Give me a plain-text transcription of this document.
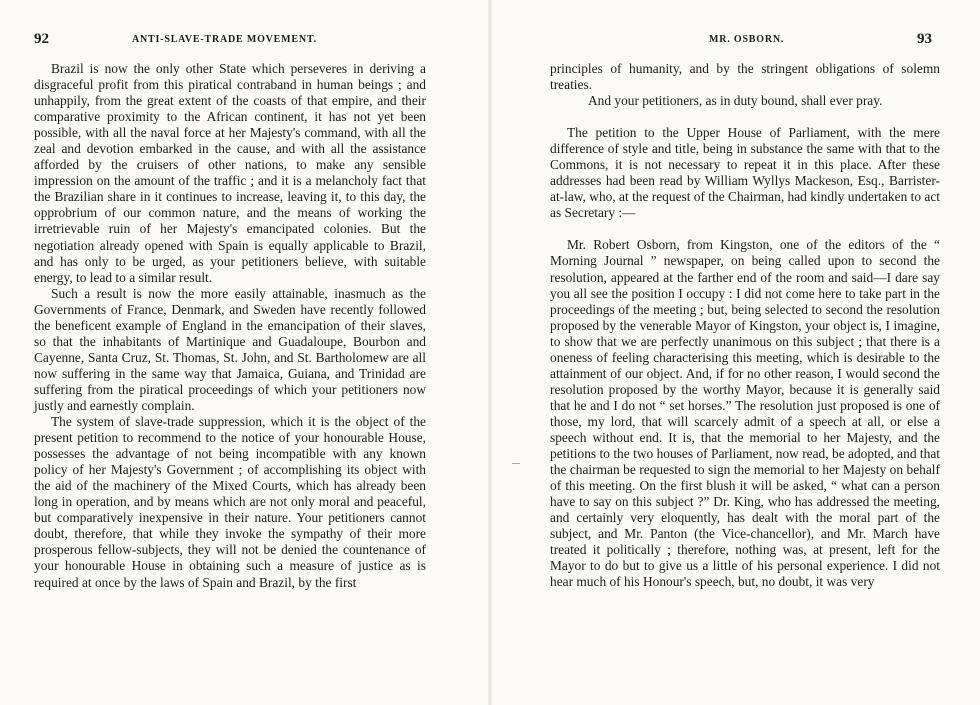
92	ANTI-SLAVE-TRADE MOVEMENT.

Brazil is now the only other State which perseveres in deriving a disgraceful profit from this piratical contraband in human beings ; and unhappily, from the great extent of the coasts of that empire, and their comparative proximity to the African continent, it has not yet been possible, with all the naval force at her Majesty's command, with all the zeal and devotion embarked in the cause, and with all the assistance afforded by the cruisers of other nations, to make any sensible impression on the amount of the traffic ; and it is a melancholy fact that the Brazilian share in it continues to increase, leaving it, to this day, the opprobrium of our common nature, and the means of working the irretrievable ruin of her Majesty's emancipated colonies. But the negotiation already opened with Spain is equally applicable to Brazil, and has only to be urged, as your petitioners believe, with suitable energy, to lead to a similar result.

Such a result is now the more easily attainable, inasmuch as the Governments of France, Denmark, and Sweden have recently followed the beneficent example of England in the emancipation of their slaves, so that the inhabitants of Martinique and Guadaloupe, Bourbon and Cayenne, Santa Cruz, St. Thomas, St. John, and St. Bartholomew are all now suffering in the same way that Jamaica, Guiana, and Trinidad are suffering from the piratical proceedings of which your petitioners now justly and earnestly complain.

The system of slave-trade suppression, which it is the object of the present petition to recommend to the notice of your honourable House, possesses the advantage of not being incompatible with any known policy of her Majesty's Government ; of accomplishing its object with the aid of the machinery of the Mixed Courts, which has already been long in operation, and by means which are not only moral and peaceful, but comparatively inexpensive in their nature. Your petitioners cannot doubt, therefore, that while they invoke the sympathy of their more prosperous fellow-subjects, they will not be denied the countenance of your honourable House in obtaining such a measure of justice as is required at once by the laws of Spain and Brazil, by the first

MR. OSBORN.	93

principles of humanity, and by the stringent obligations of solemn treaties.

And your petitioners, as in duty bound, shall ever pray.

The petition to the Upper House of Parliament, with the mere difference of style and title, being in substance the same with that to the Commons, it is not necessary to repeat it in this place. After these addresses had been read by William Wyllys Mackeson, Esq., Barrister-at-law, who, at the request of the Chairman, had kindly undertaken to act as Secretary :—

Mr. Robert Osborn, from Kingston, one of the editors of the “ Morning Journal ” newspaper, on being called upon to second the resolution, appeared at the farther end of the room and said—I dare say you all see the position I occupy : I did not come here to take part in the proceedings of the meeting ; but, being selected to second the resolution proposed by the venerable Mayor of Kingston, your object is, I imagine, to show that we are perfectly unanimous on this subject ; that there is a oneness of feeling characterising this meeting, which is desirable to the attainment of our object. And, if for no other reason, I would second the resolution proposed by the worthy Mayor, because it is generally said that he and I do not “ set horses.” The resolution just proposed is one of those, my lord, that will scarcely admit of a speech at all, or else a speech without end. It is, that the memorial to her Majesty, and the petitions to the two houses of Parliament, now read, be adopted, and that the chairman be requested to sign the memorial to her Majesty on behalf of this meeting. On the first blush it will be asked, “ what can a person have to say on this subject ?” Dr. King, who has addressed the meeting, and certainly very eloquently, has dealt with the moral part of the subject, and Mr. Panton (the Vice-chancellor), and Mr. March have treated it politically ; therefore, nothing was, at present, left for the Mayor to do but to give us a little of his personal experience. I did not hear much of his Honour's speech, but, no doubt, it was very
